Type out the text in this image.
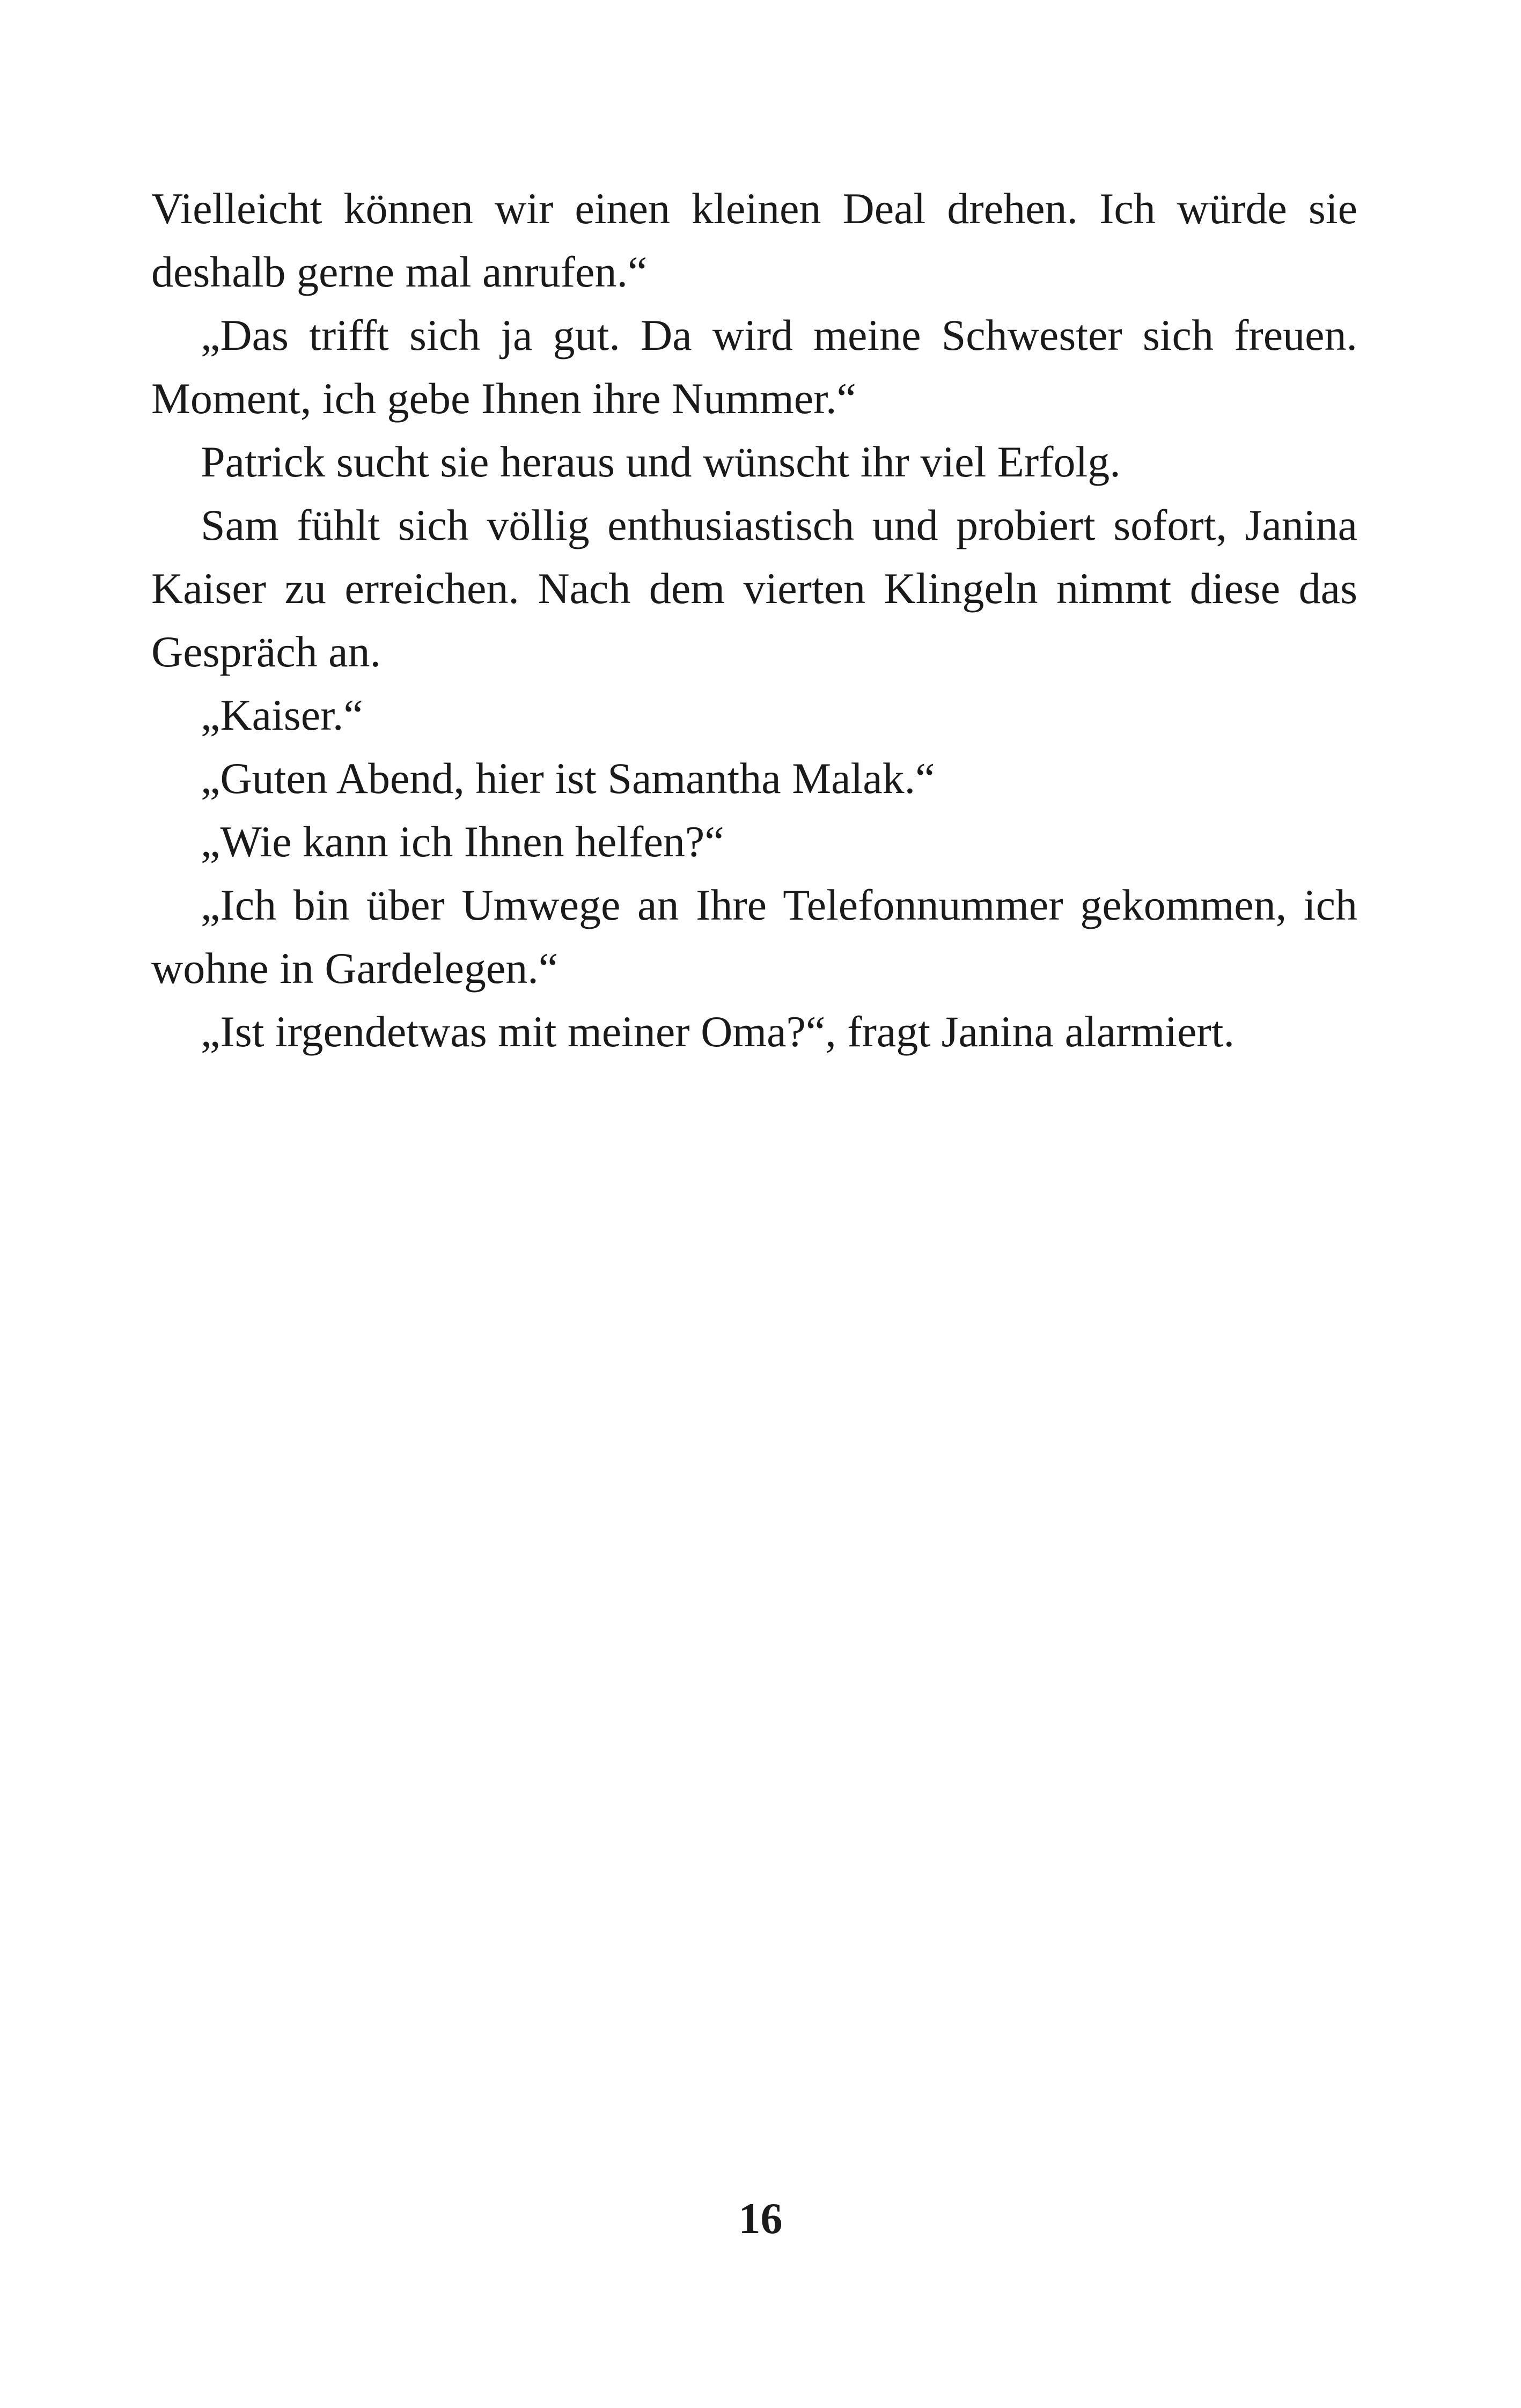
Vielleicht können wir einen kleinen Deal drehen. Ich würde sie deshalb gerne mal anrufen.“

„Das trifft sich ja gut. Da wird meine Schwester sich freuen. Moment, ich gebe Ihnen ihre Nummer.“

Patrick sucht sie heraus und wünscht ihr viel Erfolg.

Sam fühlt sich völlig enthusiastisch und probiert sofort, Janina Kaiser zu erreichen. Nach dem vierten Klingeln nimmt diese das Gespräch an.

„Kaiser.“

„Guten Abend, hier ist Samantha Malak.“

„Wie kann ich Ihnen helfen?“

„Ich bin über Umwege an Ihre Telefonnummer gekommen, ich wohne in Gardelegen.“

„Ist irgendetwas mit meiner Oma?“, fragt Janina alarmiert.

16
